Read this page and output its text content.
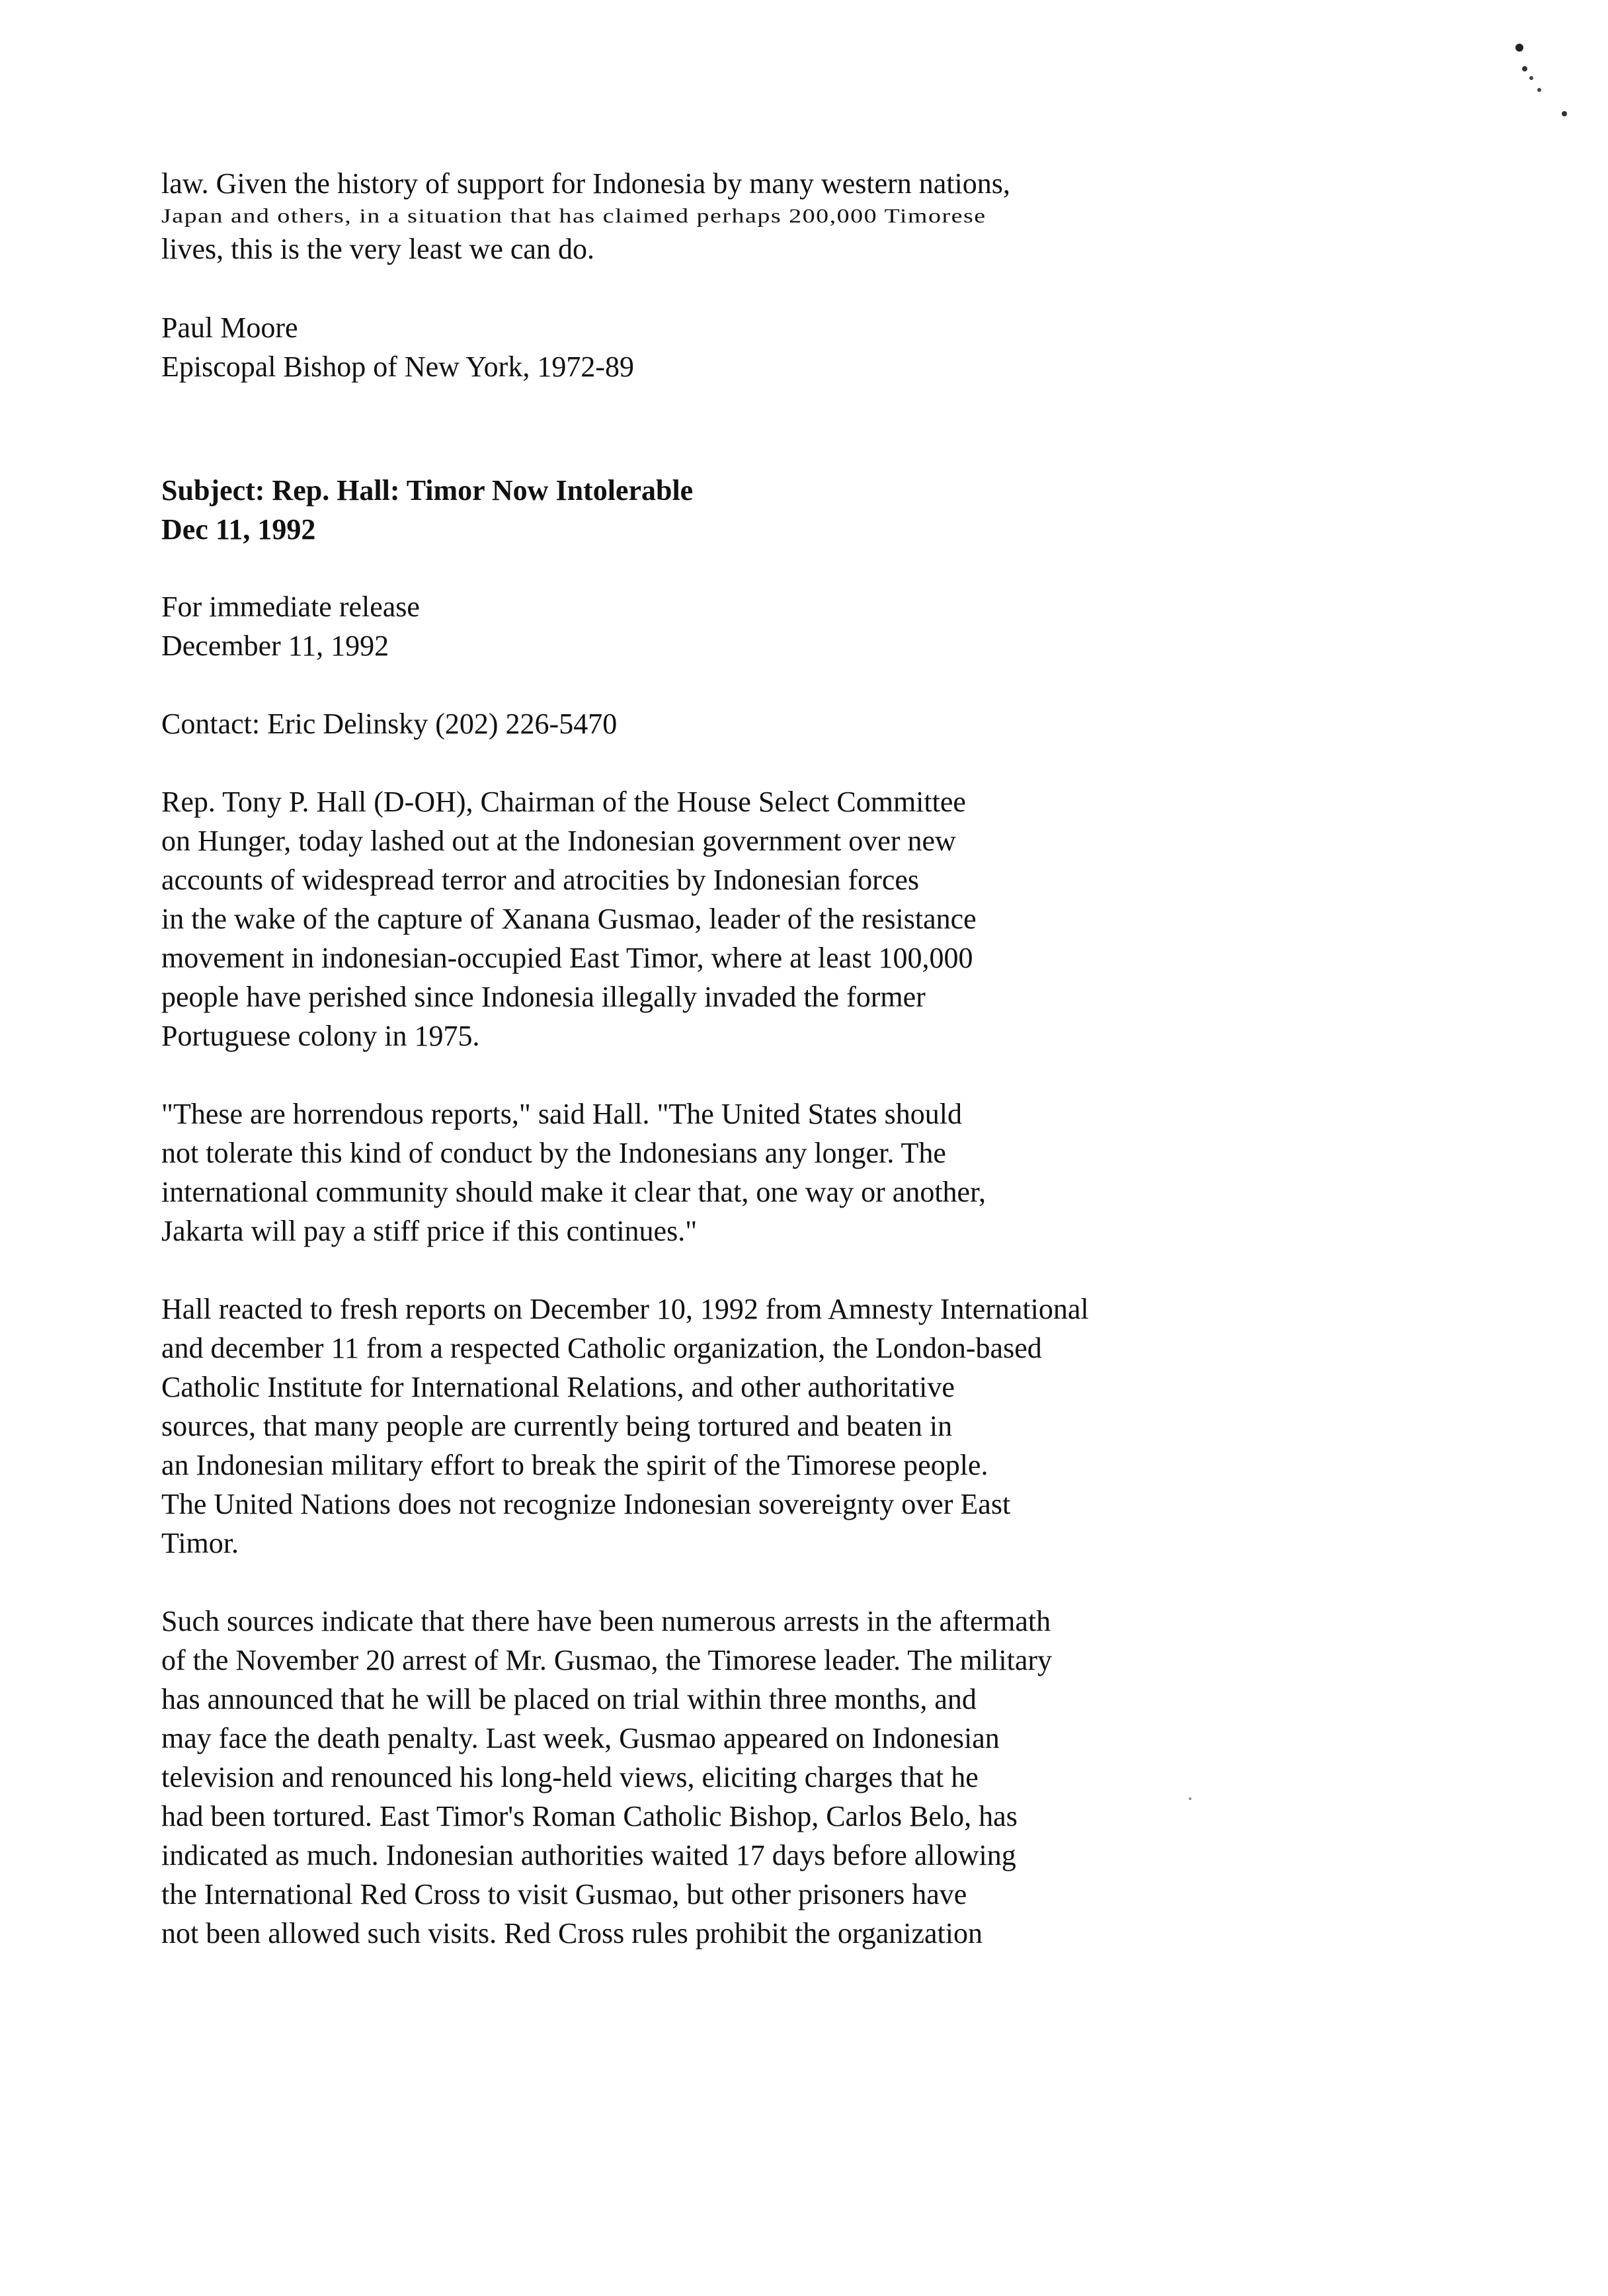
law. Given the history of support for Indonesia by many western nations,
Japan and others, in a situation that has claimed perhaps 200,000 Timorese
lives, this is the very least we can do.
Paul Moore
Episcopal Bishop of New York, 1972-89
Subject: Rep. Hall: Timor Now Intolerable
Dec 11, 1992
For immediate release
December 11, 1992
Contact: Eric Delinsky (202) 226-5470
Rep. Tony P. Hall (D-OH), Chairman of the House Select Committee
on Hunger, today lashed out at the Indonesian government over new
accounts of widespread terror and atrocities by Indonesian forces
in the wake of the capture of Xanana Gusmao, leader of the resistance
movement in indonesian-occupied East Timor, where at least 100,000
people have perished since Indonesia illegally invaded the former
Portuguese colony in 1975.
"These are horrendous reports," said Hall. "The United States should
not tolerate this kind of conduct by the Indonesians any longer. The
international community should make it clear that, one way or another,
Jakarta will pay a stiff price if this continues."
Hall reacted to fresh reports on December 10, 1992 from Amnesty International
and december 11 from a respected Catholic organization, the London-based
Catholic Institute for International Relations, and other authoritative
sources, that many people are currently being tortured and beaten in
an Indonesian military effort to break the spirit of the Timorese people.
The United Nations does not recognize Indonesian sovereignty over East
Timor.
Such sources indicate that there have been numerous arrests in the aftermath
of the November 20 arrest of Mr. Gusmao, the Timorese leader. The military
has announced that he will be placed on trial within three months, and
may face the death penalty. Last week, Gusmao appeared on Indonesian
television and renounced his long-held views, eliciting charges that he
had been tortured. East Timor's Roman Catholic Bishop, Carlos Belo, has
indicated as much. Indonesian authorities waited 17 days before allowing
the International Red Cross to visit Gusmao, but other prisoners have
not been allowed such visits. Red Cross rules prohibit the organization
